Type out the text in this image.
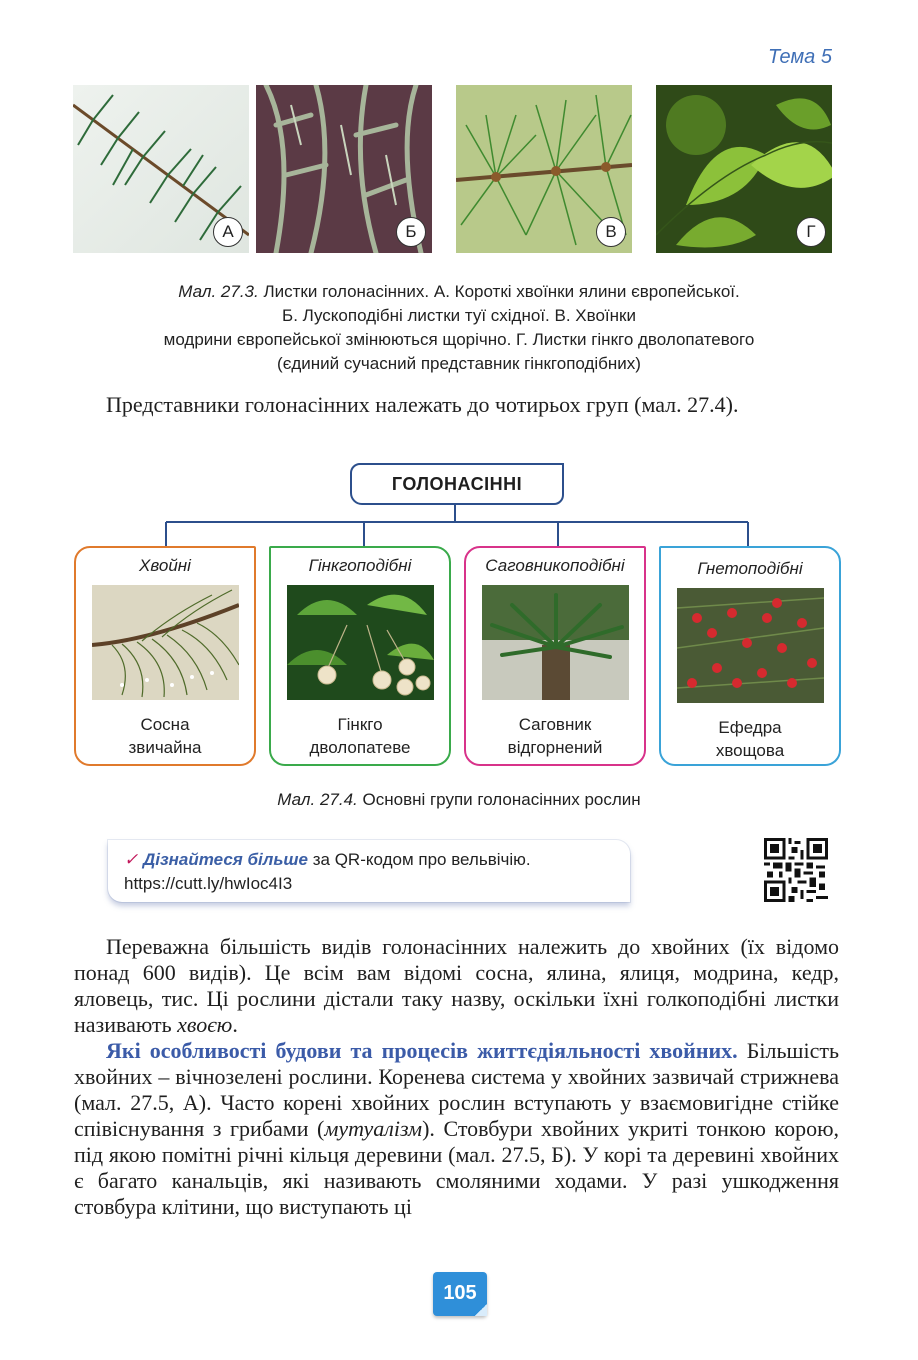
Тема 5
А	Б	В	Г
Мал. 27.3. Листки голонасінних. А. Короткі хвоїнки ялини європейської.
Б. Лускоподібні листки туї східної. В. Хвоїнки
модрини європейської змінюються щорічно. Г. Листки гінкго дволопатевого
(єдиний сучасний представник гінкгоподібних)
Представники голонасінних належать до чотирьох груп (мал. 27.4).
ГОЛОНАСІННІ
Хвойні
Сосна
звичайна
Гінкгоподібні
Гінкго
дволопатеве
Саговникоподібні
Саговник
відгорнений
Гнетоподібні
Ефедра
хвощова
Мал. 27.4. Основні групи голонасінних рослин
✓ Дізнайтеся більше за QR-кодом про вельвічію.
https://cutt.ly/hwIoc4I3

Переважна більшість видів голонасінних належить до хвойних (їх відомо понад 600 видів). Це всім вам відомі сосна, ялина, ялиця, модрина, кедр, яловець, тис. Ці рослини дістали таку назву, оскільки їхні голкоподібні листки називають хвоєю.

Які особливості будови та процесів життєдіяльності хвойних. Більшість хвойних – вічнозелені рослини. Коренева система у хвойних зазвичай стрижнева (мал. 27.5, А). Часто корені хвойних рослин вступають у взаємовигідне стійке співіснування з грибами (мутуалізм). Стовбури хвойних укриті тонкою корою, під якою помітні річні кільця деревини (мал. 27.5, Б). У корі та деревині хвойних є багато канальців, які називають смоляними ходами. У разі ушкодження стовбура клітини, що виступають ці

105
